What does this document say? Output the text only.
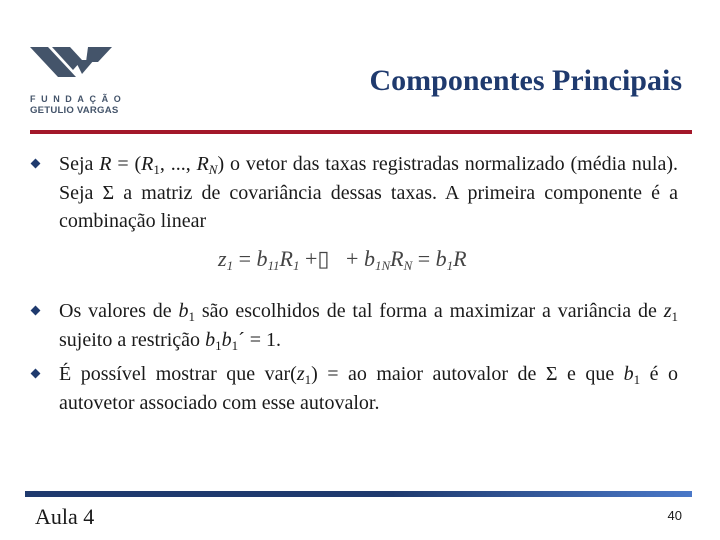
FUNDAÇÃO
GETULIO VARGAS
Componentes Principais
Seja $R = (R_1$, ..., $R_N$) o vetor das taxas registradas normalizado (média nula). Seja Σ a matriz de covariância dessas taxas. A primeira componente é a combinação linear
$z_1 = b_{11}R_1$ +▯   + $b_{1N}R_N = b_1R$
Os valores de $b_1$ são escolhidos de tal forma a maximizar a variância de $z_1$ sujeito a restrição $b_1b_1´ = 1$.
É possível mostrar que $var(z_1)$ = ao maior autovalor de Σ e que $b_1$ é o autovetor associado com esse autovalor.
Aula 4	40
